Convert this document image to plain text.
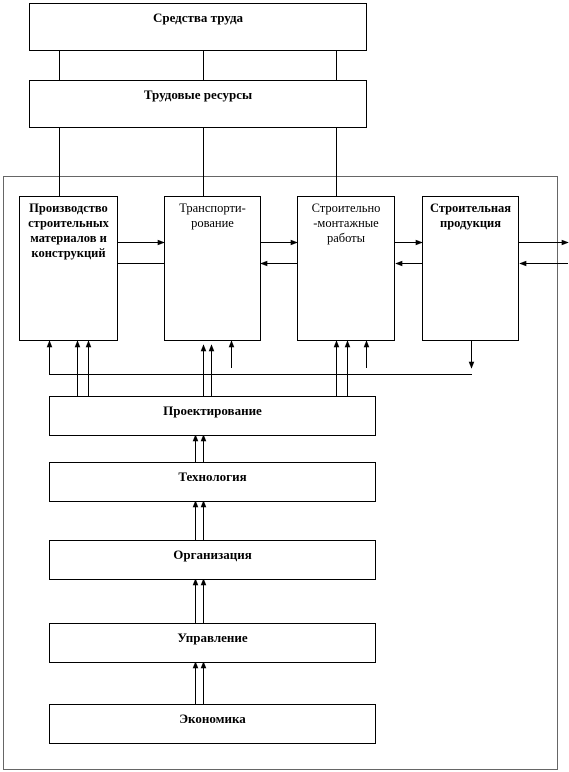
Средства труда
Трудовые ресурсы
Производство строительных материалов и конструкций
Транспорти-рование
Строительно -монтажные работы
Строительная продукция
Проектирование
Технология
Организация
Управление
Экономика
